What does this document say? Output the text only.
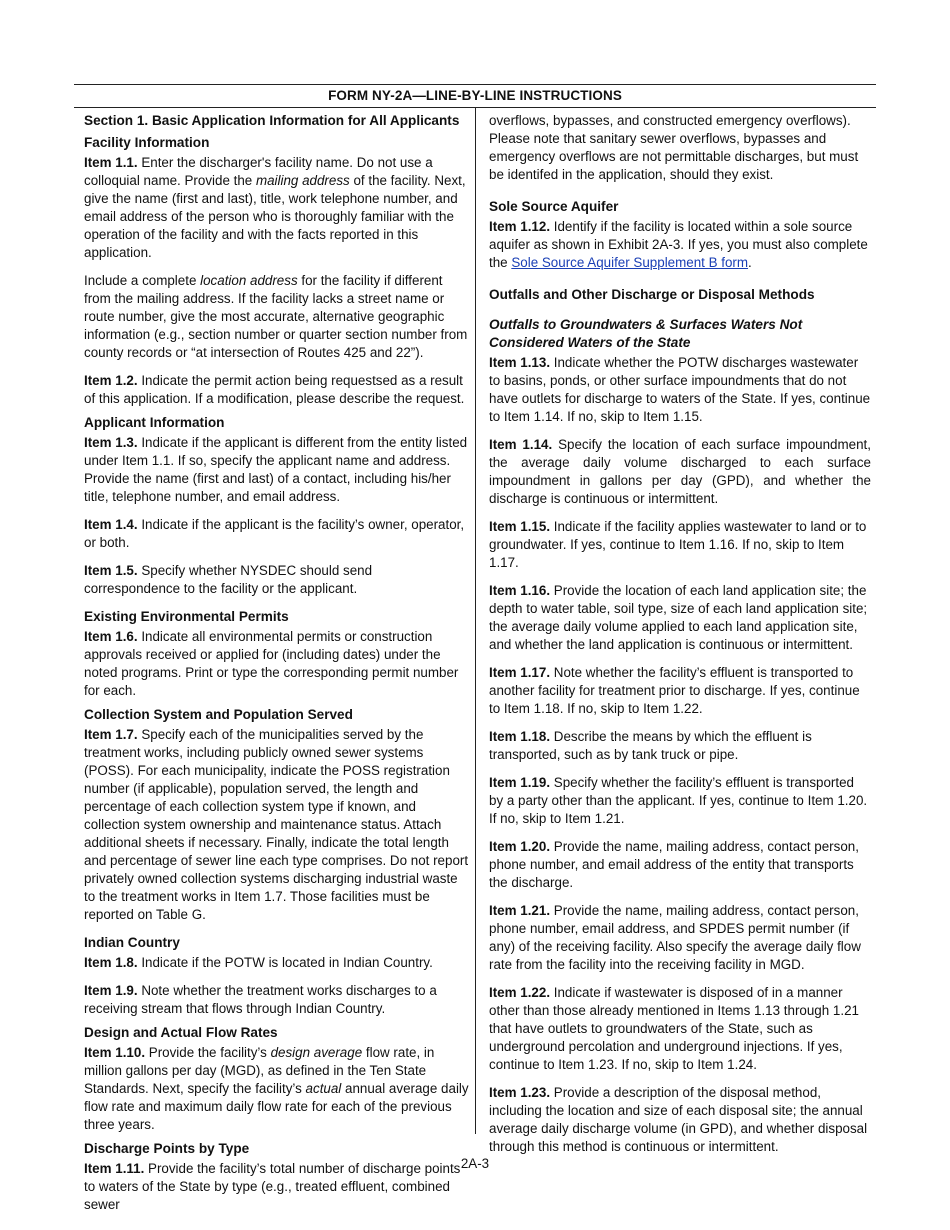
FORM NY-2A—LINE-BY-LINE INSTRUCTIONS
Section 1. Basic Application Information for All Applicants
Facility Information

Item 1.1. Enter the discharger's facility name. Do not use a colloquial name. Provide the mailing address of the facility. Next, give the name (first and last), title, work telephone number, and email address of the person who is thoroughly familiar with the operation of the facility and with the facts reported in this application.

Include a complete location address for the facility if different from the mailing address. If the facility lacks a street name or route number, give the most accurate, alternative geographic information (e.g., section number or quarter section number from county records or “at intersection of Routes 425 and 22”).

Item 1.2. Indicate the permit action being requestsed as a result of this application. If a modification, please describe the request.

Applicant Information

Item 1.3. Indicate if the applicant is different from the entity listed under Item 1.1. If so, specify the applicant name and address. Provide the name (first and last) of a contact, including his/her title, telephone number, and email address.

Item 1.4. Indicate if the applicant is the facility’s owner, operator, or both.

Item 1.5. Specify whether NYSDEC should send correspondence to the facility or the applicant.

Existing Environmental Permits

Item 1.6. Indicate all environmental permits or construction approvals received or applied for (including dates) under the noted programs. Print or type the corresponding permit number for each.

Collection System and Population Served

Item 1.7. Specify each of the municipalities served by the treatment works, including publicly owned sewer systems (POSS). For each municipality, indicate the POSS registration number (if applicable), population served, the length and percentage of each collection system type if known, and collection system ownership and maintenance status. Attach additional sheets if necessary. Finally, indicate the total length and percentage of sewer line each type comprises. Do not report privately owned collection systems discharging industrial waste to the treatment works in Item 1.7. Those facilities must be reported on Table G.

Indian Country

Item 1.8. Indicate if the POTW is located in Indian Country.

Item 1.9. Note whether the treatment works discharges to a receiving stream that flows through Indian Country.

Design and Actual Flow Rates

Item 1.10. Provide the facility’s design average flow rate, in million gallons per day (MGD), as defined in the Ten State Standards. Next, specify the facility’s actual annual average daily flow rate and maximum daily flow rate for each of the previous three years.

Discharge Points by Type

Item 1.11. Provide the facility’s total number of discharge points to waters of the State by type (e.g., treated effluent, combined sewer

overflows, bypasses, and constructed emergency overflows). Please note that sanitary sewer overflows, bypasses and emergency overflows are not permittable discharges, but must be identifed in the application, should they exist.

Sole Source Aquifer

Item 1.12. Identify if the facility is located within a sole source aquifer as shown in Exhibit 2A-3. If yes, you must also complete the Sole Source Aquifer Supplement B form.

Outfalls and Other Discharge or Disposal Methods
Outfalls to Groundwaters & Surfaces Waters Not Considered Waters of the State

Item 1.13. Indicate whether the POTW discharges wastewater to basins, ponds, or other surface impoundments that do not have outlets for discharge to waters of the State. If yes, continue to Item 1.14. If no, skip to Item 1.15.

Item 1.14. Specify the location of each surface impoundment, the average daily volume discharged to each surface impoundment in gallons per day (GPD), and whether the discharge is continuous or intermittent.

Item 1.15. Indicate if the facility applies wastewater to land or to groundwater. If yes, continue to Item 1.16. If no, skip to Item 1.17.

Item 1.16. Provide the location of each land application site; the depth to water table, soil type, size of each land application site; the average daily volume applied to each land application site, and whether the land application is continuous or intermittent.

Item 1.17. Note whether the facility’s effluent is transported to another facility for treatment prior to discharge. If yes, continue to Item 1.18. If no, skip to Item 1.22.

Item 1.18. Describe the means by which the effluent is transported, such as by tank truck or pipe.

Item 1.19. Specify whether the facility’s effluent is transported by a party other than the applicant. If yes, continue to Item 1.20. If no, skip to Item 1.21.

Item 1.20. Provide the name, mailing address, contact person, phone number, and email address of the entity that transports the discharge.

Item 1.21. Provide the name, mailing address, contact person, phone number, email address, and SPDES permit number (if any) of the receiving facility. Also specify the average daily flow rate from the facility into the receiving facility in MGD.

Item 1.22. Indicate if wastewater is disposed of in a manner other than those already mentioned in Items 1.13 through 1.21 that have outlets to groundwaters of the State, such as underground percolation and underground injections. If yes, continue to Item 1.23. If no, skip to Item 1.24.

Item 1.23. Provide a description of the disposal method, including the location and size of each disposal site; the annual average daily discharge volume (in GPD), and whether disposal through this method is continuous or intermittent.

2A-3
